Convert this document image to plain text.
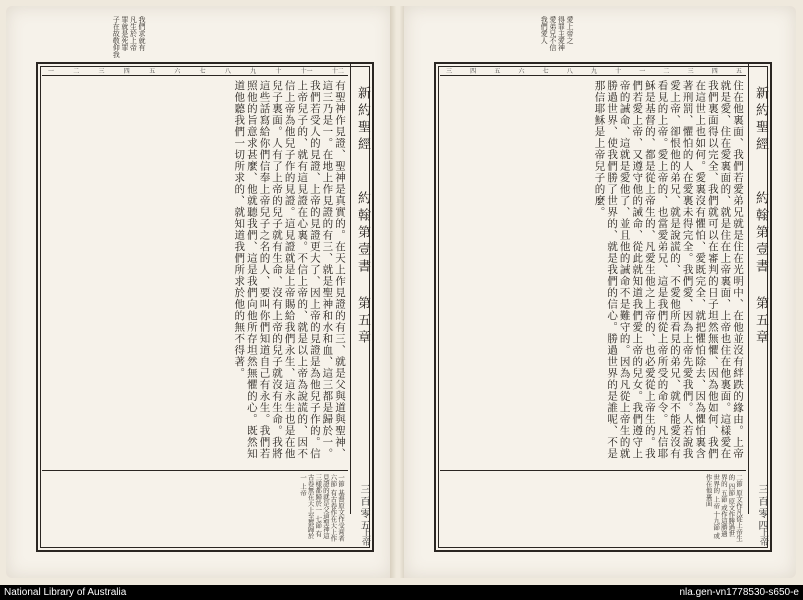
我們求就有
凡生於上帝
罪就是死罪
子在故敬仰我
新約聖經
約翰第壹書
第五章
十二
十一
十
九
八
七
六
五
四
三
二
一
有聖神作見證、聖神是真實的。在天上作見證的有三、就是父與道與聖神、這三乃是一。在地上作見證的有三、就是聖神和水和血、這三都是歸於一。我們若受人的見證、上帝的見證更大了、因上帝的見證是為他兒子作的。信上帝兒子的、就有這見證在心裏。不信上帝的、就是以上帝為說謊的、因不信上帝為他兒子作的見證。這見證就是上帝賜給我們永生、這永生也是在他兒子裏面。人有了上帝的兒子就有生命、沒有上帝的兒子就沒有生命。我將這些話寫給你們信奉上帝兒子之名的人、要叫你們知道自己有永生。我們若照他的旨意求甚麼、他就聽我們、這是我們向他所存坦然無懼的心。既然知道他聽我們一切所求的、就知道我們所求於他的無不得著。
一節 基督原文作受膏者 六節 有古卷作在天上作見證的就是父道聖神這三樣都歸於一 七節 有古卷無在天上至都歸於一 上帝	三百零五
上帝
愛上帝之
得罪主愛神
愛弟兄不信
我們愛人
新約聖經
約翰第壹書
第五章
五
四
三
二
一
十
九
八
七
六
五
四
三
住在他裏面、我們若愛弟兄就是住在光明中、在他並沒有絆跌的緣由。上帝就是愛、住在愛裏面的、就是住在上帝裏面、上帝也住在他裏面。這樣愛在我們裏面得以完全、我們就可以在審判的日子坦然無懼、因為他如何、我們在這世上也如何。愛裏沒有懼怕、愛既完全、就把懼怕除去、因為懼怕裏含著刑罰、懼怕的人在愛裏未得完全。我們愛、因為上帝先愛我們。人若說我愛上帝、卻恨他的弟兄、就是說謊的、不愛他所看見的弟兄、就不能愛沒有看見的上帝。愛上帝的、也當愛弟兄、這是我們從上帝所受的命令。凡信耶穌是基督的、都是從上帝生的、凡愛生他之上帝的、也必愛從上帝生的。我們若愛上帝、又遵守他的誡命、從此就知道我們愛上帝的兒女。我們遵守上帝的誡命、這就是愛他了、並且他的誡命不是難守的。因為凡從上帝生的就勝過世界、使我們勝了世界的、就是我們的信心。勝過世界的是誰呢、不是那信耶穌是上帝兒子的麼。
二節 原文作凡從上帝生的 四節 原文作勝過世界的 五節 或作這勝過世界的 上帝 十九節 或作在他裏面	三百零四
上帝
National Library of Australia	nla.gen-vn1778530-s650-e
